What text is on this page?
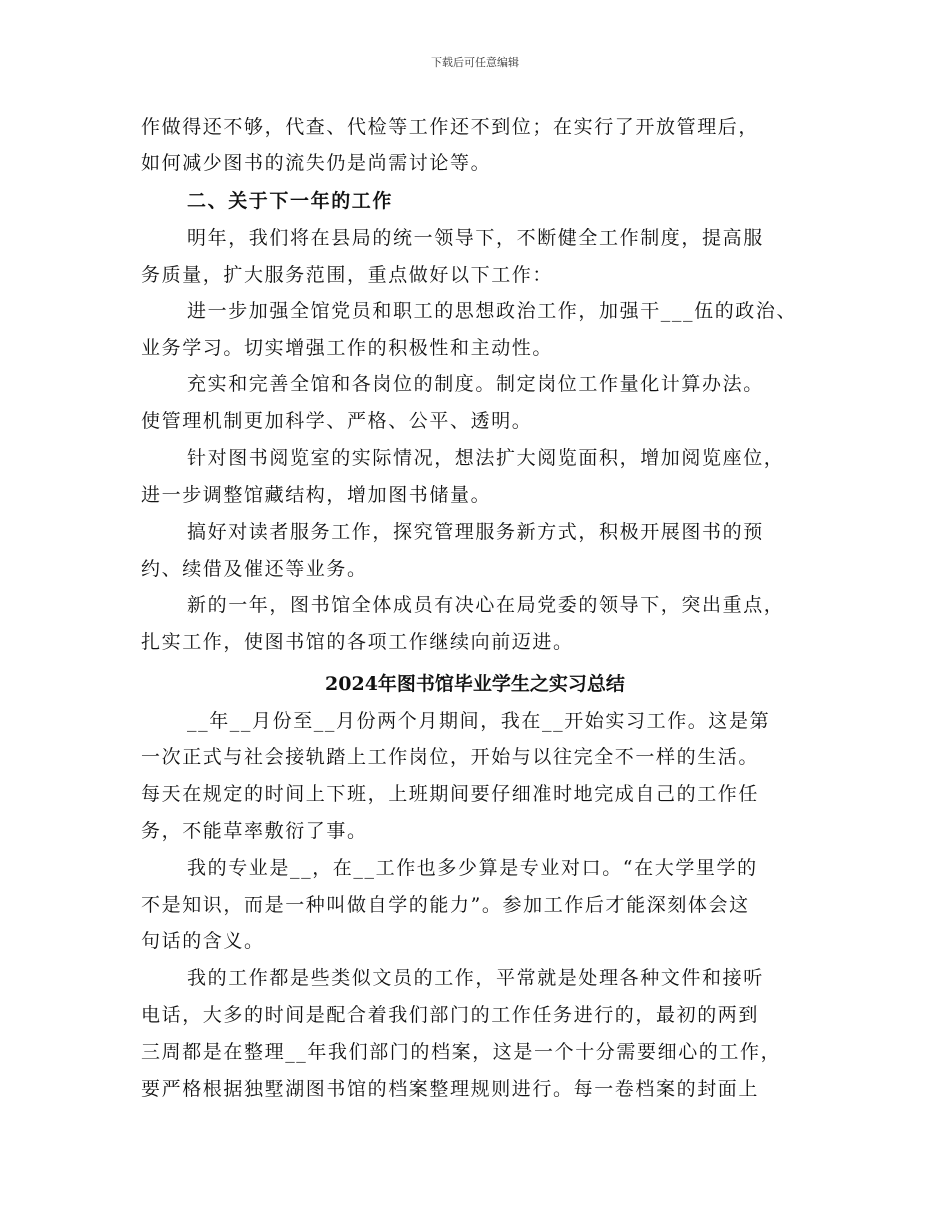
下载后可任意编辑
作做得还不够，代查、代检等工作还不到位；在实行了开放管理后，
如何减少图书的流失仍是尚需讨论等。
二、关于下一年的工作
明年，我们将在县局的统一领导下，不断健全工作制度，提高服
务质量，扩大服务范围，重点做好以下工作：
进一步加强全馆党员和职工的思想政治工作，加强干___伍的政治、
业务学习。切实增强工作的积极性和主动性。
充实和完善全馆和各岗位的制度。制定岗位工作量化计算办法。
使管理机制更加科学、严格、公平、透明。
针对图书阅览室的实际情况，想法扩大阅览面积，增加阅览座位，
进一步调整馆藏结构，增加图书储量。
搞好对读者服务工作，探究管理服务新方式，积极开展图书的预
约、续借及催还等业务。
新的一年，图书馆全体成员有决心在局党委的领导下，突出重点，
扎实工作，使图书馆的各项工作继续向前迈进。
2024年图书馆毕业学生之实习总结
__年__月份至__月份两个月期间，我在__开始实习工作。这是第
一次正式与社会接轨踏上工作岗位，开始与以往完全不一样的生活。
每天在规定的时间上下班，上班期间要仔细准时地完成自己的工作任
务，不能草率敷衍了事。
我的专业是__，在__工作也多少算是专业对口。“在大学里学的
不是知识，而是一种叫做自学的能力”。参加工作后才能深刻体会这
句话的含义。
我的工作都是些类似文员的工作，平常就是处理各种文件和接听
电话，大多的时间是配合着我们部门的工作任务进行的，最初的两到
三周都是在整理__年我们部门的档案，这是一个十分需要细心的工作，
要严格根据独墅湖图书馆的档案整理规则进行。每一卷档案的封面上
